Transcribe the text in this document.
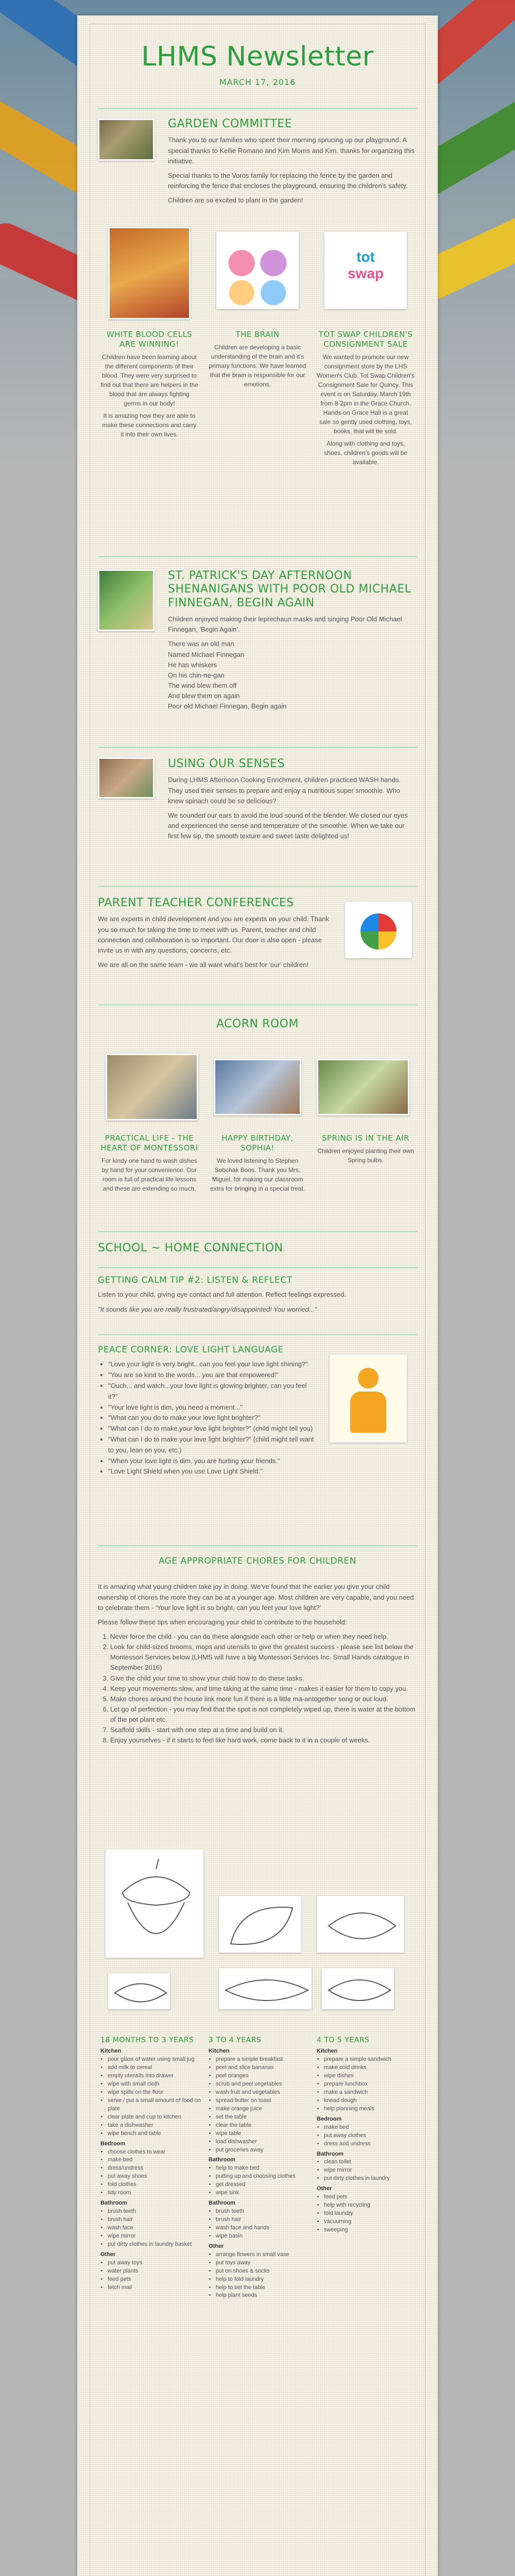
LHMS Newsletter
MARCH 17, 2016
GARDEN COMMITTEE

Thank you to our families who spent their morning sprucing up our playground. A special thanks to Kellie Romano and Kim Morris and Kim. thanks for organizing this initiative.

Special thanks to the Voros family for replacing the fence by the garden and reinforcing the fence that encloses the playground, ensuring the children's safety.

Children are so excited to plant in the garden!

tot
swap
WHITE BLOOD CELLS ARE WINNING!

Children have been learning about the different components of their blood. They were very surprised to find out that there are helpers in the blood that are always fighting germs in our body!

It is amazing how they are able to make these connections and carry it into their own lives.

THE BRAIN

Children are developing a basic understanding of the brain and it's primary functions. We have learned that the brain is responsible for our emotions.

TOT SWAP CHILDREN'S CONSIGNMENT SALE

We wanted to promote our new consignment store by the LHS Women's Club. Tot Swap Children's Consignment Sale for Quincy. This event is on Saturday, March 19th from 8-2pm in the Grace Church. Hands-on Grace Hall is a great sale so gently used clothing, toys, books, that will be sold.

Along with clothing and toys, shoes, children's goods will be available.

ST. PATRICK'S DAY AFTERNOON SHENANIGANS WITH POOR OLD MICHAEL FINNEGAN, BEGIN AGAIN

Children enjoyed making their leprechaun masks and singing Poor Old Michael Finnegan, 'Begin Again'.

There was an old man
Named Michael Finnegan
He has whiskers
On his chin-ne-gan
The wind blew them off
And blew them on again
Poor old Michael Finnegan, Begin again

USING OUR SENSES

During LHMS Afternoon Cooking Enrichment, children practiced WASH hands. They used their senses to prepare and enjoy a nutritious super smoothie. Who knew spinach could be so delicious?

We sounded our ears to avoid the loud sound of the blender. We closed our eyes and experienced the sense and temperature of the smoothie. When we take our first few sip, the smooth texture and sweet taste delighted us!

PARENT TEACHER CONFERENCES

We are experts in child development and you are experts on your child. Thank you so much for taking the time to meet with us. Parent, teacher and child connection and collaboration is so important. Our door is also open - please invite us in with any questions, concerns, etc.

We are all on the same team - we all want what's best for 'our' children!

ACORN ROOM
PRACTICAL LIFE - THE HEART OF MONTESSORI

For kindy one hand to wash dishes by hand for your convenience. Our room is full of practical life lessons and these are extending so much.

HAPPY BIRTHDAY, SOPHIA!

We loved listening to Stephen Sobchak Boos. Thank you Mrs. Miguel, for making our classroom extra for bringing in a special treat.

SPRING IS IN THE AIR

Children enjoyed planting their own Spring bulbs.

SCHOOL ~ HOME CONNECTION
GETTING CALM TIP #2: LISTEN & REFLECT

Listen to your child, giving eye contact and full attention. Reflect feelings expressed.

"It sounds like you are really frustrated/angry/disappointed! You worried..."

PEACE CORNER: LOVE LIGHT LANGUAGE
• "Love your light is very bright...can you feel your love light shining?"
• "You are so kind to the words... you are that empowered!"
• "Ouch... and watch...your love light is glowing brighter, can you feel it?"
• "Your love light is dim, you need a moment..."
• "What can you do to make your love light brighter?"
• "What can I do to make your love light brighter?" (child might tell you)
• "What can I do to make your love light brighter?" (child might tell want to you, lean on you, etc.)
• "When your love light is dim, you are hurting your friends."
• "Love Light Shield when you use Love Light Shield."
AGE APPROPRIATE CHORES FOR CHILDREN

It is amazing what young children take joy in doing. We've found that the earlier you give your child ownership of chores the more they can be at a younger age. Most children are very capable, and you need to celebrate them - 'Your love light is so bright, can you feel your love light?'

Please follow these tips when encouraging your child to contribute to the household:

1. Never force the child - you can do these alongside each other or help or when they need help.
2. Look for child-sized brooms, mops and utensils to give the greatest success - please see list below the Montessori Services below (LHMS will have a big Montessori Services Inc. Small Hands catalogue in September 2016)
3. Give the child your time to show your child how to do these tasks.
4. Keep your movements slow, and time taking at the same time - makes it easier for them to copy you.
5. Make chores around the house link more fun if there is a little ma-antogether song or out loud.
6. Let go of perfection - you may find that the spot is not completely wiped up, there is water at the bottom of the pot plant etc.
7. Scaffold skills - start with one step at a time and build on it.
8. Enjoy yourselves - if it starts to feel like hard work, come back to it in a couple of weeks.
18 MONTHS TO 3 YEARS
Kitchen
• pour glass of water using small jug
• add milk to cereal
• empty utensils into drawer
• wipe with small cloth
• wipe spills on the floor
• serve / put a small amount of food on plate
• clear plate and cup to kitchen
• take a dishwasher
• wipe bench and table
Bedroom
• choose clothes to wear
• make bed
• dress/undress
• put away shoes
• fold clothes
• tidy room
Bathroom
• brush teeth
• brush hair
• wash face
• wipe mirror
• put dirty clothes in laundry basket
Other
• put away toys
• water plants
• feed pets
• fetch mail
3 TO 4 YEARS
Kitchen
• prepare a simple breakfast
• peel and slice bananas
• peel oranges
• scrub and peel vegetables
• wash fruit and vegetables
• spread butter on toast
• make orange juice
• set the table
• clear the table
• wipe table
• load dishwasher
• put groceries away
Bathroom
• help to make bed
• putting up and choosing clothes
• get dressed
• wipe sink
Bathroom
• brush teeth
• brush hair
• wash face and hands
• wipe basin
Other
• arrange flowers in small vase
• put toys away
• put on shoes & socks
• help to fold laundry
• help to set the table
• help plant seeds
4 TO 5 YEARS
Kitchen
• prepare a simple sandwich
• make cold drinks
• wipe dishes
• prepare lunchbox
• make a sandwich
• knead dough
• help planning meals
Bedroom
• make bed
• put away clothes
• dress and undress
Bathroom
• clean toilet
• wipe mirror
• put dirty clothes in laundry
Other
• feed pets
• help with recycling
• fold laundry
• vacuuming
• sweeping
